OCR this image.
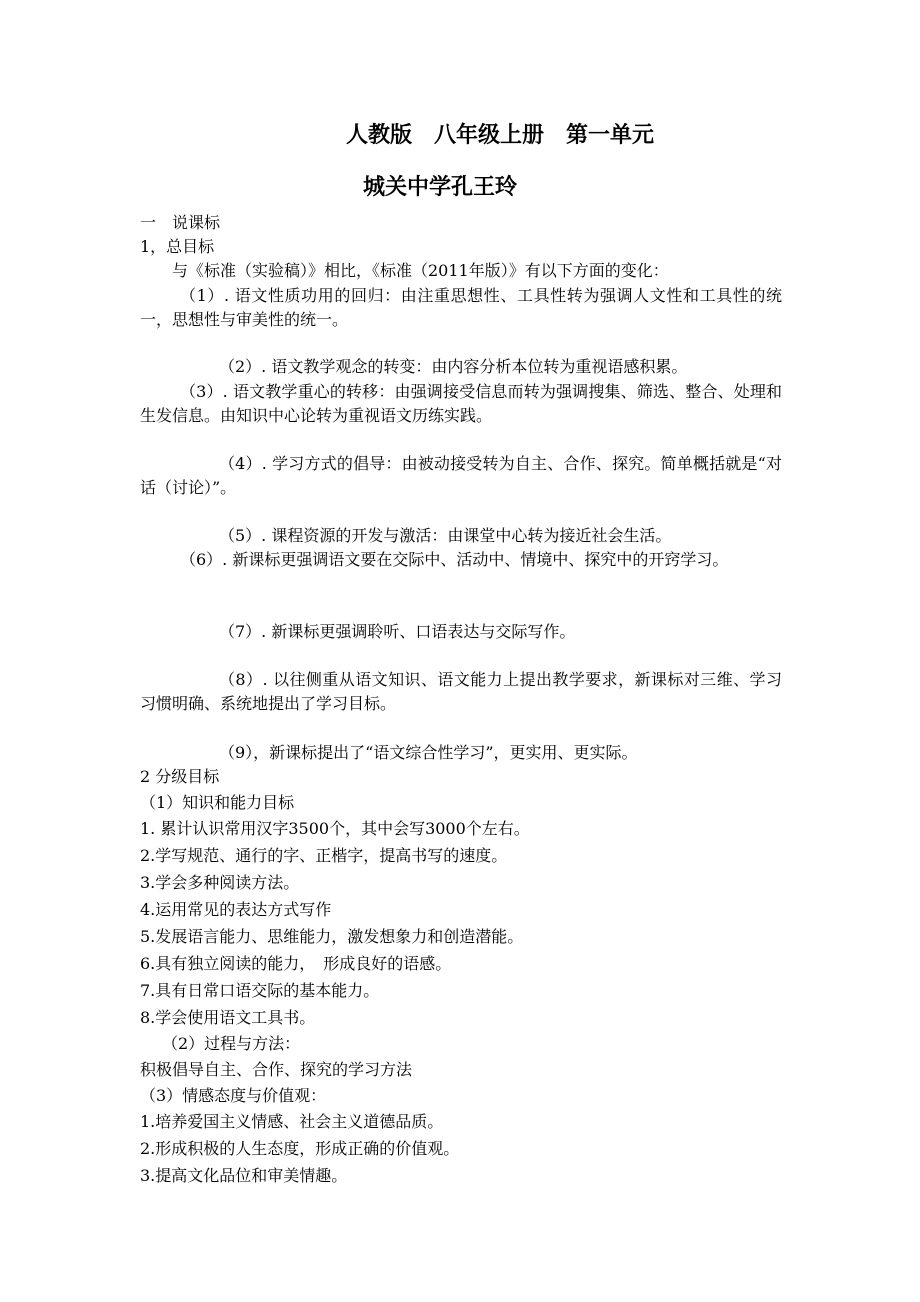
人教版　八年级上册　第一单元
城关中学孔王玲
一　说课标
1，总目标
　　与《标准（实验稿）》相比，《标准（2011年版）》有以下方面的变化：
（1）. 语文性质功用的回归：由注重思想性、工具性转为强调人文性和工具性的统一，思想性与审美性的统一。
（2）. 语文教学观念的转变：由内容分析本位转为重视语感积累。
（3）. 语文教学重心的转移：由强调接受信息而转为强调搜集、筛选、整合、处理和生发信息。由知识中心论转为重视语文历练实践。
（4）. 学习方式的倡导：由被动接受转为自主、合作、探究。简单概括就是“对话（讨论）”。
（5）. 课程资源的开发与激活：由课堂中心转为接近社会生活。
（6）. 新课标更强调语文要在交际中、活动中、情境中、探究中的开窍学习。
（7）. 新课标更强调聆听、口语表达与交际写作。
（8）. 以往侧重从语文知识、语文能力上提出教学要求，新课标对三维、学习习惯明确、系统地提出了学习目标。
（9），新课标提出了“语文综合性学习”，更实用、更实际。
2 分级目标
（1）知识和能力目标
1. 累计认识常用汉字3500个，其中会写3000个左右。
2.学写规范、通行的字、正楷字，提高书写的速度。
3.学会多种阅读方法。
4.运用常见的表达方式写作
5.发展语言能力、思维能力，激发想象力和创造潜能。
6.具有独立阅读的能力，　形成良好的语感。
7.具有日常口语交际的基本能力。
8.学会使用语文工具书。
（2）过程与方法：
积极倡导自主、合作、探究的学习方法
（3）情感态度与价值观：
1.培养爱国主义情感、社会主义道德品质。
2.形成积极的人生态度，形成正确的价值观。
3.提高文化品位和审美情趣。
